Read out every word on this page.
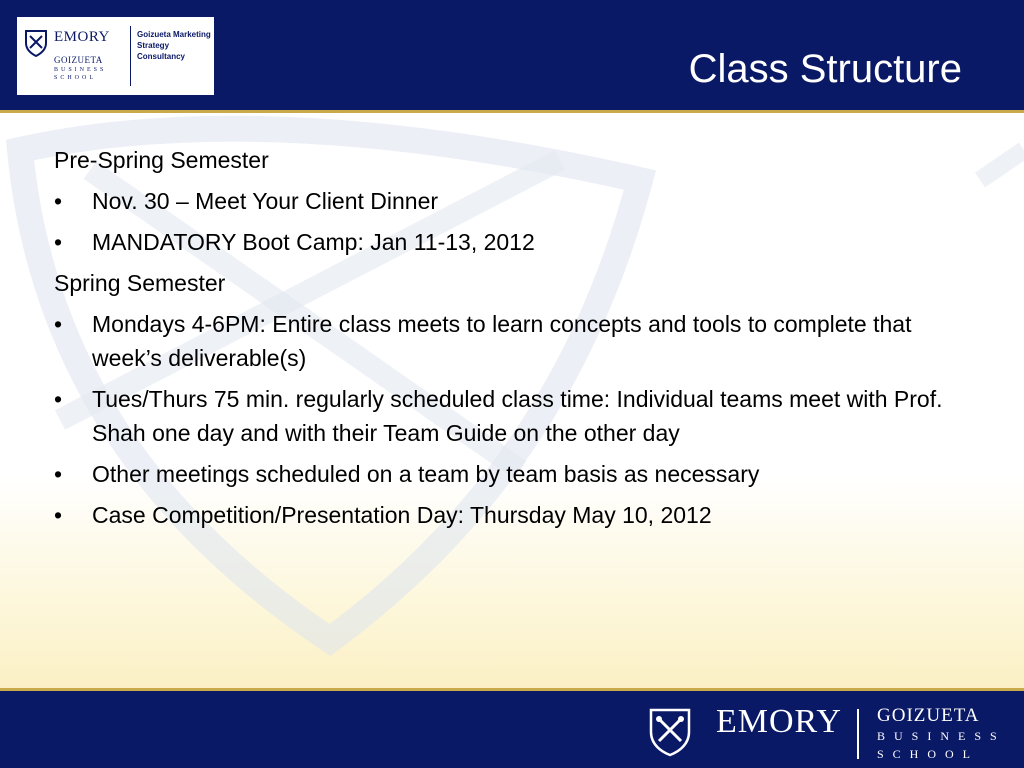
EMORY
GOIZUETA
BUSINESS
SCHOOL
Goizueta Marketing
Strategy Consultancy	Class Structure
Pre-Spring Semester
• Nov. 30 – Meet Your Client Dinner
• MANDATORY Boot Camp: Jan 11-13, 2012
Spring Semester
• Mondays 4-6PM: Entire class meets to learn concepts and tools to complete that week’s deliverable(s)
• Tues/Thurs 75 min. regularly scheduled class time: Individual teams meet with Prof. Shah one day and with their Team Guide on the other day
• Other meetings scheduled on a team by team basis as necessary
• Case Competition/Presentation Day: Thursday May 10, 2012
EMORY GOIZUETA
BUSINESS
SCHOOL
